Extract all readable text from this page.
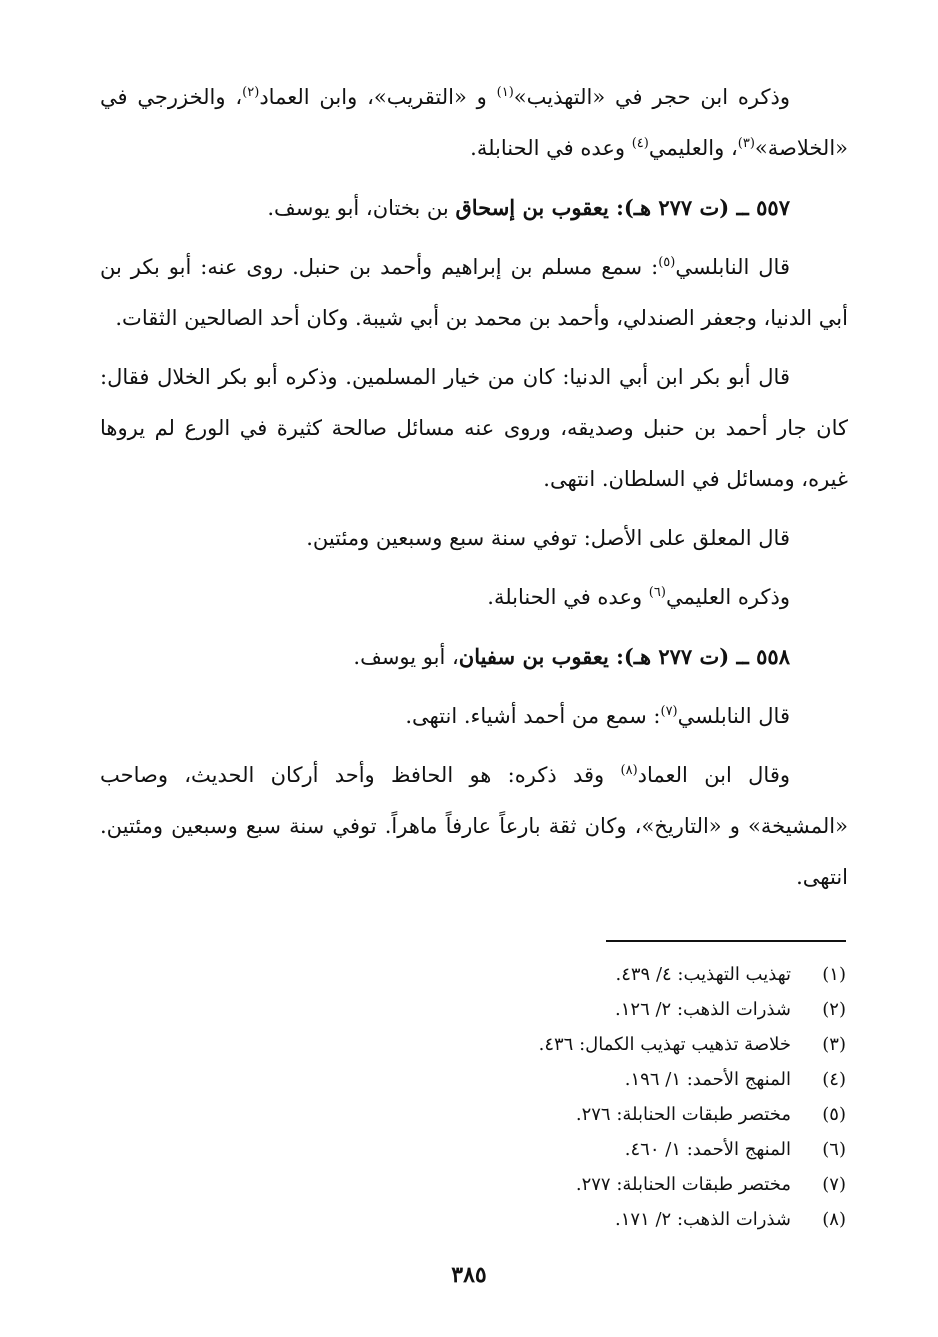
وذكره ابن حجر في «التهذيب»$^{(١)}$ و «التقريب»، وابن العماد$^{(٢)}$، والخزرجي في «الخلاصة»$^{(٣)}$، والعليمي$^{(٤)}$ وعده في الحنابلة.

٥٥٧ ــ (ت ٢٧٧ هـ): يعقوب بن إسحاق بن بختان، أبو يوسف.

قال النابلسي$^{(٥)}$: سمع مسلم بن إبراهيم وأحمد بن حنبل. روى عنه: أبو بكر بن أبي الدنيا، وجعفر الصندلي، وأحمد بن محمد بن أبي شيبة. وكان أحد الصالحين الثقات.

قال أبو بكر ابن أبي الدنيا: كان من خيار المسلمين. وذكره أبو بكر الخلال فقال: كان جار أحمد بن حنبل وصديقه، وروى عنه مسائل صالحة كثيرة في الورع لم يروها غيره، ومسائل في السلطان. انتهى.

قال المعلق على الأصل: توفي سنة سبع وسبعين ومئتين.

وذكره العليمي$^{(٦)}$ وعده في الحنابلة.

٥٥٨ ــ (ت ٢٧٧ هـ): يعقوب بن سفيان، أبو يوسف.

قال النابلسي$^{(٧)}$: سمع من أحمد أشياء. انتهى.

وقال ابن العماد$^{(٨)}$ وقد ذكره: هو الحافظ وأحد أركان الحديث، وصاحب «المشيخة» و «التاريخ»، وكان ثقة بارعاً عارفاً ماهراً. توفي سنة سبع وسبعين ومئتين. انتهى.

(١)
تهذيب التهذيب: ٤/ ٤٣٩.
(٢)
شذرات الذهب: ٢/ ١٢٦.
(٣)
خلاصة تذهيب تهذيب الكمال: ٤٣٦.
(٤)
المنهج الأحمد: ١/ ١٩٦.
(٥)
مختصر طبقات الحنابلة: ٢٧٦.
(٦)
المنهج الأحمد: ١/ ٤٦٠.
(٧)
مختصر طبقات الحنابلة: ٢٧٧.
(٨)
شذرات الذهب: ٢/ ١٧١.
٣٨٥
